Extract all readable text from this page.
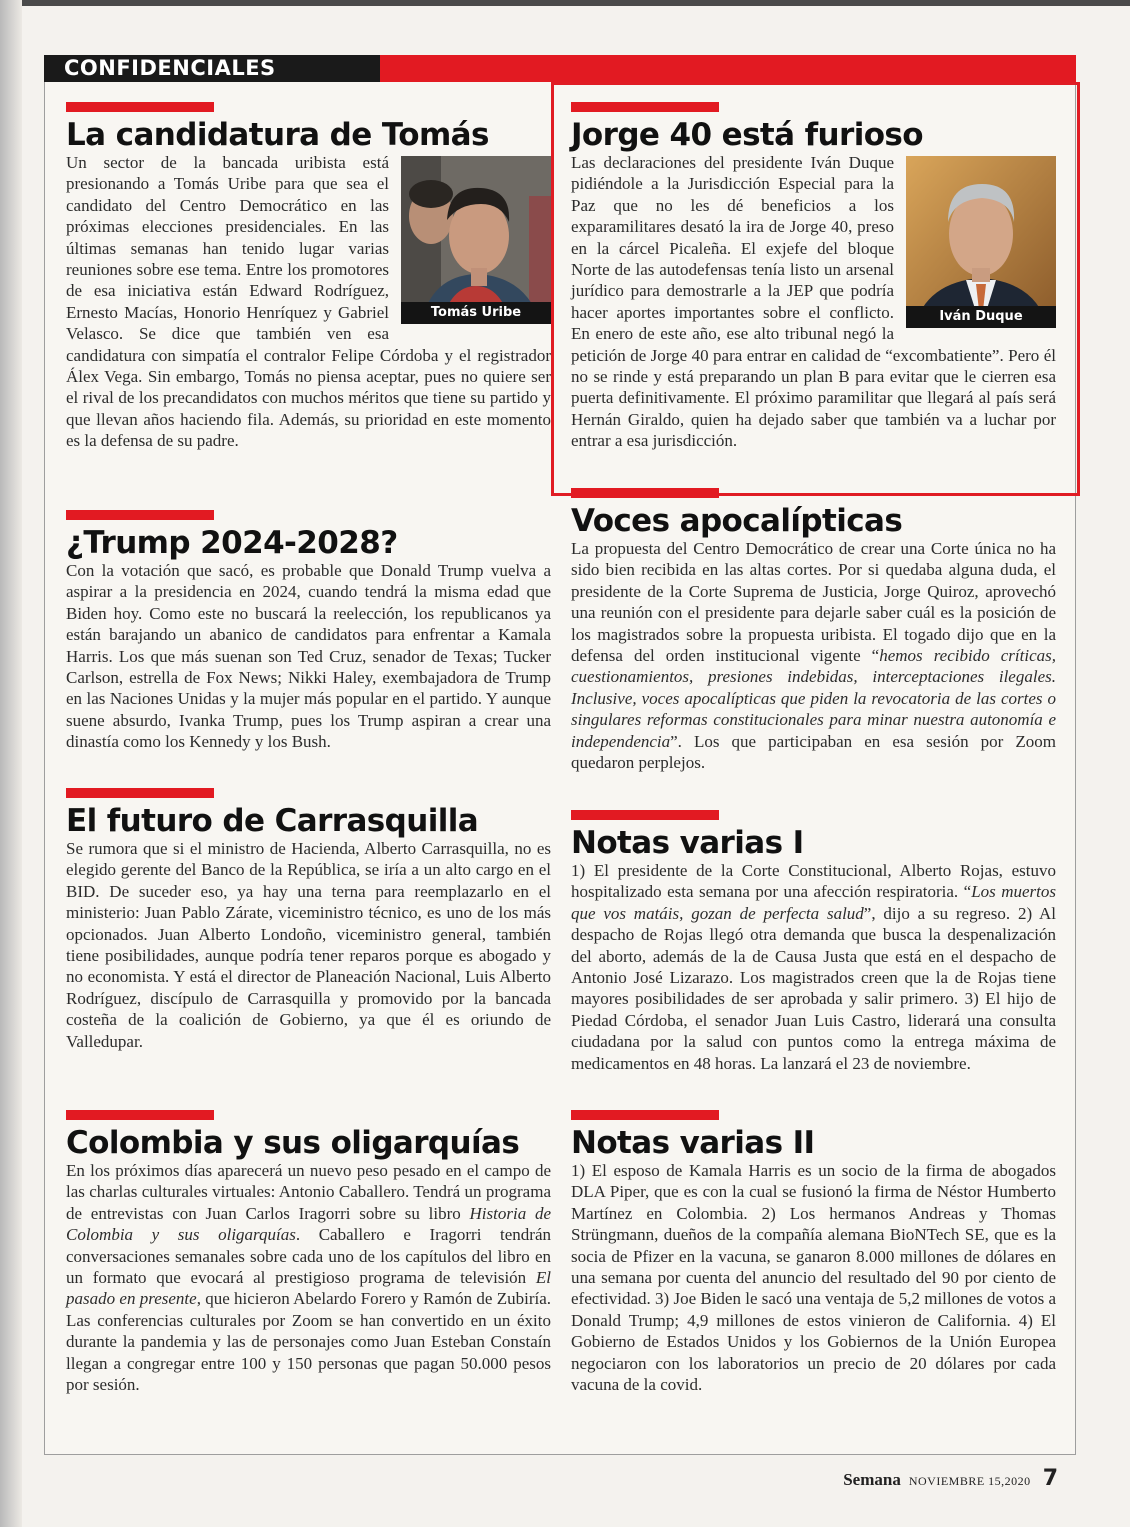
CONFIDENCIALES
La candidatura de Tomás

Tomás Uribe
Un sector de la bancada uribista está presionando a Tomás Uribe para que sea el candidato del Centro Democrático en las próximas elecciones presidenciales. En las últimas semanas han tenido lugar varias reuniones sobre ese tema. Entre los promotores de esa iniciativa están Edward Rodríguez, Ernesto Macías, Honorio Henríquez y Gabriel Velasco. Se dice que también ven esa candidatura con simpatía el contralor Felipe Córdoba y el registrador Álex Vega. Sin embargo, Tomás no piensa aceptar, pues no quiere ser el rival de los precandidatos con muchos méritos que tiene su partido y que llevan años haciendo fila. Además, su prioridad en este momento es la defensa de su padre.

¿Trump 2024-2028?

Con la votación que sacó, es probable que Donald Trump vuelva a aspirar a la presidencia en 2024, cuando tendrá la misma edad que Biden hoy. Como este no buscará la reelección, los republicanos ya están barajando un abanico de candidatos para enfrentar a Kamala Harris. Los que más suenan son Ted Cruz, senador de Texas; Tucker Carlson, estrella de Fox News; Nikki Haley, exembajadora de Trump en las Naciones Unidas y la mujer más popular en el partido. Y aunque suene absurdo, Ivanka Trump, pues los Trump aspiran a crear una dinastía como los Kennedy y los Bush.

El futuro de Carrasquilla

Se rumora que si el ministro de Hacienda, Alberto Carrasquilla, no es elegido gerente del Banco de la República, se iría a un alto cargo en el BID. De suceder eso, ya hay una terna para reemplazarlo en el ministerio: Juan Pablo Zárate, viceministro técnico, es uno de los más opcionados. Juan Alberto Londoño, viceministro general, también tiene posibilidades, aunque podría tener reparos porque es abogado y no economista. Y está el director de Planeación Nacional, Luis Alberto Rodríguez, discípulo de Carrasquilla y promovido por la bancada costeña de la coalición de Gobierno, ya que él es oriundo de Valledupar.

Colombia y sus oligarquías

En los próximos días aparecerá un nuevo peso pesado en el campo de las charlas culturales virtuales: Antonio Caballero. Tendrá un programa de entrevistas con Juan Carlos Iragorri sobre su libro Historia de Colombia y sus oligarquías. Caballero e Iragorri tendrán conversaciones semanales sobre cada uno de los capítulos del libro en un formato que evocará al prestigioso programa de televisión El pasado en presente, que hicieron Abelardo Forero y Ramón de Zubiría. Las conferencias culturales por Zoom se han convertido en un éxito durante la pandemia y las de personajes como Juan Esteban Constaín llegan a congregar entre 100 y 150 personas que pagan 50.000 pesos por sesión.

Jorge 40 está furioso

Iván Duque
Las declaraciones del presidente Iván Duque pidiéndole a la Jurisdicción Especial para la Paz que no les dé beneficios a los exparamilitares desató la ira de Jorge 40, preso en la cárcel Picaleña. El exjefe del bloque Norte de las autodefensas tenía listo un arsenal jurídico para demostrarle a la JEP que podría hacer aportes importantes sobre el conflicto. En enero de este año, ese alto tribunal negó la petición de Jorge 40 para entrar en calidad de “excombatiente”. Pero él no se rinde y está preparando un plan B para evitar que le cierren esa puerta definitivamente. El próximo paramilitar que llegará al país será Hernán Giraldo, quien ha dejado saber que también va a luchar por entrar a esa jurisdicción.

Voces apocalípticas

La propuesta del Centro Democrático de crear una Corte única no ha sido bien recibida en las altas cortes. Por si quedaba alguna duda, el presidente de la Corte Suprema de Justicia, Jorge Quiroz, aprovechó una reunión con el presidente para dejarle saber cuál es la posición de los magistrados sobre la propuesta uribista. El togado dijo que en la defensa del orden institucional vigente “hemos recibido críticas, cuestionamientos, presiones indebidas, interceptaciones ilegales. Inclusive, voces apocalípticas que piden la revocatoria de las cortes o singulares reformas constitucionales para minar nuestra autonomía e independencia”. Los que participaban en esa sesión por Zoom quedaron perplejos.

Notas varias I

1) El presidente de la Corte Constitucional, Alberto Rojas, estuvo hospitalizado esta semana por una afección respiratoria. “Los muertos que vos matáis, gozan de perfecta salud”, dijo a su regreso. 2) Al despacho de Rojas llegó otra demanda que busca la despenalización del aborto, además de la de Causa Justa que está en el despacho de Antonio José Lizarazo. Los magistrados creen que la de Rojas tiene mayores posibilidades de ser aprobada y salir primero. 3) El hijo de Piedad Córdoba, el senador Juan Luis Castro, liderará una consulta ciudadana por la salud con puntos como la entrega máxima de medicamentos en 48 horas. La lanzará el 23 de noviembre.

Notas varias II

1) El esposo de Kamala Harris es un socio de la firma de abogados DLA Piper, que es con la cual se fusionó la firma de Néstor Humberto Martínez en Colombia. 2) Los hermanos Andreas y Thomas Strüngmann, dueños de la compañía alemana BioNTech SE, que es la socia de Pfizer en la vacuna, se ganaron 8.000 millones de dólares en una semana por cuenta del anuncio del resultado del 90 por ciento de efectividad. 3) Joe Biden le sacó una ventaja de 5,2 millones de votos a Donald Trump; 4,9 millones de estos vinieron de California. 4) El Gobierno de Estados Unidos y los Gobiernos de la Unión Europea negociaron con los laboratorios un precio de 20 dólares por cada vacuna de la covid.

Semana NOVIEMBRE 15,2020 7
